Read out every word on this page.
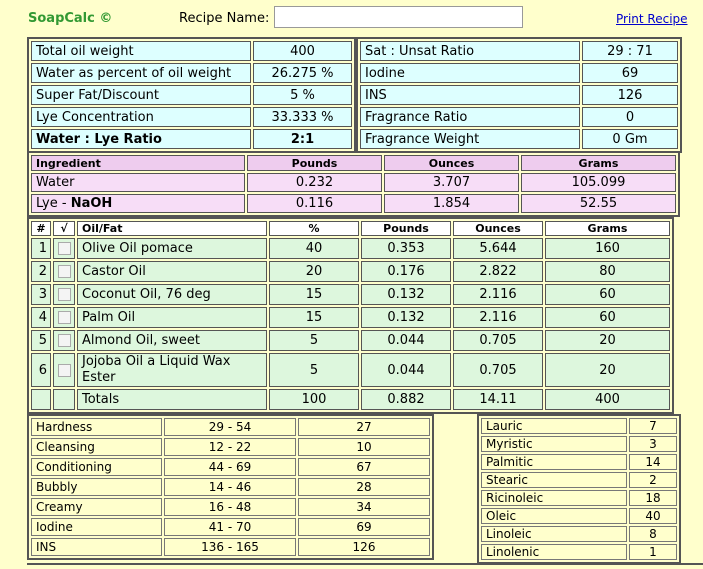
SoapCalc ©	Recipe Name:	Print Recipe
Total oil weight	400
Water as percent of oil weight	26.275 %
Super Fat/Discount	5 %
Lye Concentration	33.333 %
Water : Lye Ratio	2:1
Sat : Unsat Ratio	29 : 71
Iodine	69
INS	126
Fragrance Ratio	0
Fragrance Weight	0 Gm
Ingredient	Pounds	Ounces	Grams
Water	0.232	3.707	105.099
Lye - NaOH	0.116	1.854	52.55
#	√	Oil/Fat	%	Pounds	Ounces	Grams
1		Olive Oil pomace	40	0.353	5.644	160
2		Castor Oil	20	0.176	2.822	80
3		Coconut Oil, 76 deg	15	0.132	2.116	60
4		Palm Oil	15	0.132	2.116	60
5		Almond Oil, sweet	5	0.044	0.705	20
6		Jojoba Oil a Liquid Wax Ester	5	0.044	0.705	20
		Totals	100	0.882	14.11	400
Hardness	29 - 54	27
Cleansing	12 - 22	10
Conditioning	44 - 69	67
Bubbly	14 - 46	28
Creamy	16 - 48	34
Iodine	41 - 70	69
INS	136 - 165	126
Lauric	7
Myristic	3
Palmitic	14
Stearic	2
Ricinoleic	18
Oleic	40
Linoleic	8
Linolenic	1
